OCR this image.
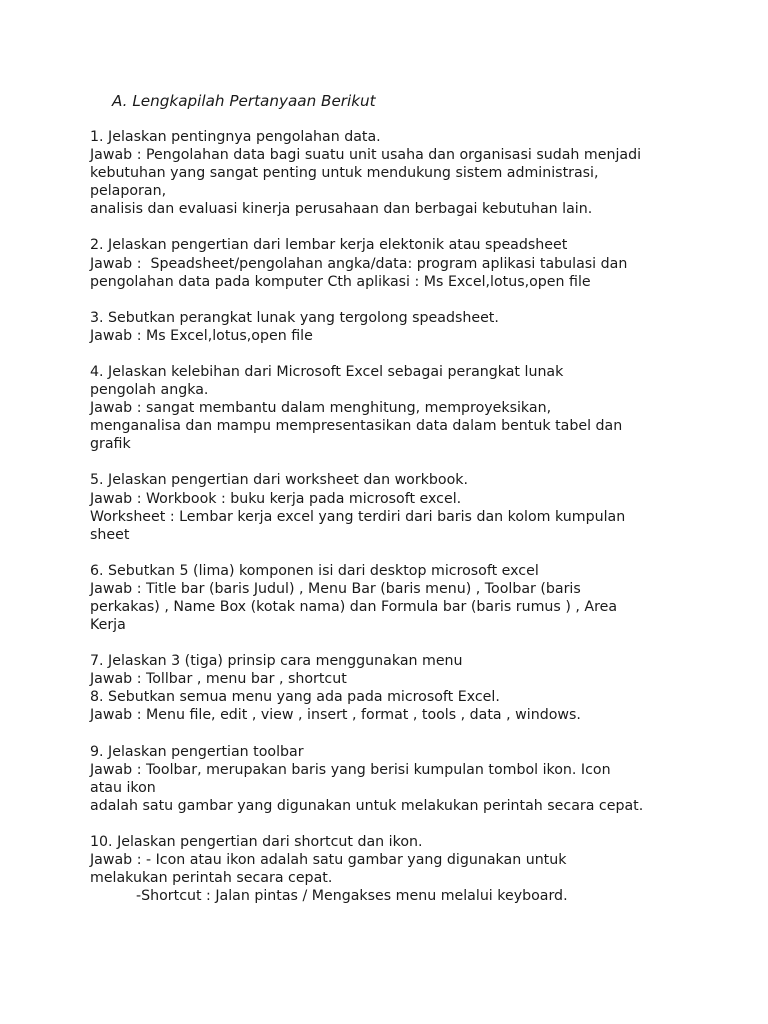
A. Lengkapilah Pertanyaan Berikut
1. Jelaskan pentingnya pengolahan data.
Jawab : Pengolahan data bagi suatu unit usaha dan organisasi sudah menjadi
kebutuhan yang sangat penting untuk mendukung sistem administrasi,
pelaporan,
analisis dan evaluasi kinerja perusahaan dan berbagai kebutuhan lain.
2. Jelaskan pengertian dari lembar kerja elektonik atau speadsheet
Jawab :  Speadsheet/pengolahan angka/data: program aplikasi tabulasi dan
pengolahan data pada komputer Cth aplikasi : Ms Excel,lotus,open file
3. Sebutkan perangkat lunak yang tergolong speadsheet.
Jawab : Ms Excel,lotus,open file
4. Jelaskan kelebihan dari Microsoft Excel sebagai perangkat lunak
pengolah angka.
Jawab : sangat membantu dalam menghitung, memproyeksikan,
menganalisa dan mampu mempresentasikan data dalam bentuk tabel dan
grafik
5. Jelaskan pengertian dari worksheet dan workbook.
Jawab : Workbook : buku kerja pada microsoft excel.
Worksheet : Lembar kerja excel yang terdiri dari baris dan kolom kumpulan
sheet
6. Sebutkan 5 (lima) komponen isi dari desktop microsoft excel
Jawab : Title bar (baris Judul) , Menu Bar (baris menu) , Toolbar (baris
perkakas) , Name Box (kotak nama) dan Formula bar (baris rumus ) , Area
Kerja
7. Jelaskan 3 (tiga) prinsip cara menggunakan menu
Jawab : Tollbar , menu bar , shortcut
8. Sebutkan semua menu yang ada pada microsoft Excel.
Jawab : Menu file, edit , view , insert , format , tools , data , windows.
9. Jelaskan pengertian toolbar
Jawab : Toolbar, merupakan baris yang berisi kumpulan tombol ikon. Icon
atau ikon
adalah satu gambar yang digunakan untuk melakukan perintah secara cepat.
10. Jelaskan pengertian dari shortcut dan ikon.
Jawab : - Icon atau ikon adalah satu gambar yang digunakan untuk
melakukan perintah secara cepat.
-Shortcut : Jalan pintas / Mengakses menu melalui keyboard.
